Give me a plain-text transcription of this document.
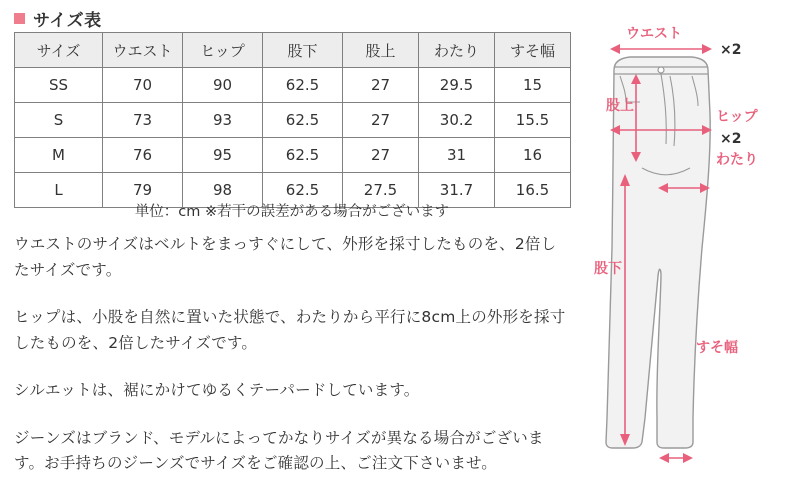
サイズ表
サイズ	ウエスト	ヒップ	股下	股上	わたり	すそ幅
SS	70	90	62.5	27	29.5	15
S	73	93	62.5	27	30.2	15.5
M	76	95	62.5	27	31	16
L	79	98	62.5	27.5	31.7	16.5
単位：cm ※若干の誤差がある場合がございます

ウエストのサイズはベルトをまっすぐにして、外形を採寸したものを、2倍したサイズです。

ヒップは、小股を自然に置いた状態で、わたりから平行に8cm上の外形を採寸したものを、2倍したサイズです。

シルエットは、裾にかけてゆるくテーパードしています。

ジーンズはブランド、モデルによってかなりサイズが異なる場合がございます。お手持ちのジーンズでサイズをご確認の上、ご注文下さいませ。

ウエスト
×2
股上
ヒップ
×2
わたり
股下
すそ幅
